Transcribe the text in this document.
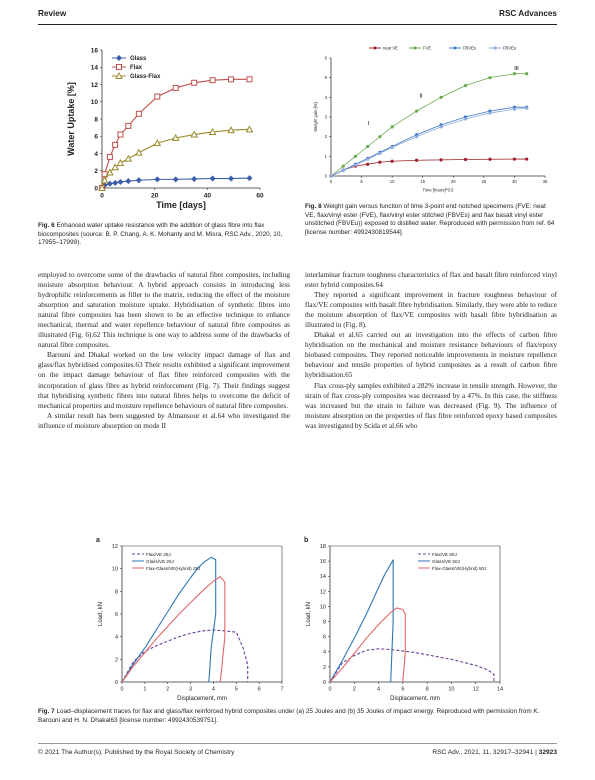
Review	RSC Advances
0	20	40	60
0
2
4
6
8
10
12
14
16
Time [days]
Water Uptake [%]
Glass
Flax
Glass-Flax
Fig. 6 Enhanced water uptake resistance with the addition of glass fibre into flax biocomposites (source: B. P. Chang, A. K. Mohanty and M. Misra, RSC Adv., 2020, 10, 17955–17999).
0	5	10	15	20	25	30	35
0
1
2
3
4
5
6
Time [hours]^0.5
Weight gain [%]
neat VE	FVE	FBVEs	FBVEu
I
II
III
Fig. 8 Weight gain versus function of time 3-point end notched specimens (FVE: neat VE, flax/vinyl ester (FVE), flax/vinyl ester stitched (FBVEs) and flax basalt vinyl ester unstitched (FBVEu)) exposed to distilled water. Reproduced with permission from ref. 64 [license number: 4992430819544].

employed to overcome some of the drawbacks of natural fibre composites, including moisture absorption behaviour. A hybrid approach consists in introducing less hydrophilic reinforcements as filler to the matrix, reducing the effect of the moisture absorption and saturation moisture uptake. Hybridisation of synthetic fibres into natural fibre composites has been shown to be an effective technique to enhance mechanical, thermal and water repellence behaviour of natural fibre composites as illustrated (Fig. 6).62 This technique is one way to address some of the drawbacks of natural fibre composites.

Barouni and Dhakal worked on the low velocity impact damage of flax and glass/flax hybridised composites.63 Their results exhibited a significant improvement on the impact damage behaviour of flax fibre reinforced composites with the incorporation of glass fibre as hybrid reinforcement (Fig. 7). Their findings suggest that hybridising synthetic fibres into natural fibres helps to overcome the deficit of mechanical properties and moisture repellence behaviours of natural fibre composites.

A similar result has been suggested by Almansour et al.64 who investigated the influence of moisture absorption on mode II

interlaminar fracture toughness characteristics of flax and basalt fibre reinforced vinyl ester hybrid composites.64

They reported a significant improvement in fracture toughness behaviour of flax/VE composites with basalt fibre hybridisation. Similarly, they were able to reduce the moisture absorption of flax/VE composites with basalt fibre hybridisation as illustrated in (Fig. 8).

Dhakal et al.65 carried out an investigation into the effects of carbon fibre hybridisation on the mechanical and moisture resistance behaviours of flax/epoxy biobased composites. They reported noticeable improvements in moisture repellence behaviour and tensile properties of hybrid composites as a result of carbon fibre hybridisation.65

Flax cross-ply samples exhibited a 282% increase in tensile strength. However, the strain of flax cross-ply composites was decreased by a 47%. In this case, the stiffness was increased but the strain to failure was decreased (Fig. 9). The influence of moisture absorption on the properties of flax fibre reinforced epoxy based composites was investigated by Scida et al.66 who

0	1	2	3	4	5	6	7
0
2
4
6
8
10
12
Displacement, mm
Load, kN
a
Flax/VE 25J
Glass/VE 25J
Flax-Glass/VE(Hybrid) 25J
0	2	4	6	8	10	12	14
0
2
4
6
8
10
12
14
16
18
Displacement, mm
Load, kN
b
Flax/VE 60J
Glass/VE 50J
Flax-Glass/VE(Hybrid) 50J
Fig. 7 Load–displacement traces for flax and glass/flax reinforced hybrid composites under (a) 25 Joules and (b) 35 Joules of impact energy. Reproduced with permission from K. Barouni and H. N. Dhakal63 [license number: 4992430539751].
© 2021 The Author(s). Published by the Royal Society of Chemistry	RSC Adv., 2021, 11, 32917–32941 | 32923
